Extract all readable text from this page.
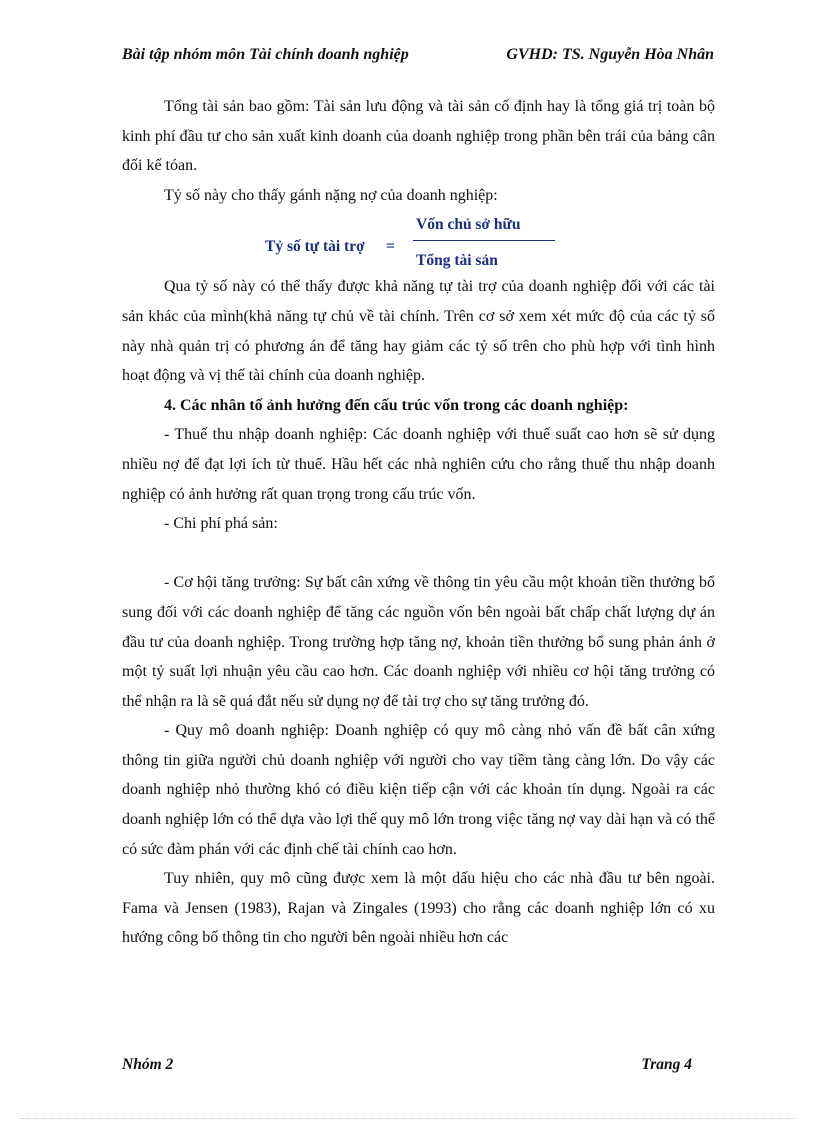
Bài tập nhóm môn Tài chính doanh nghiệp	GVHD: TS. Nguyễn Hòa Nhân

Tổng tài sản bao gồm: Tài sản lưu động và tài sản cố định hay là tổng giá trị toàn bộ kinh phí đầu tư cho sản xuất kinh doanh của doanh nghiệp trong phần bên trái của bảng cân đối kế tóan.

Tỷ số này cho thấy gánh nặng nợ của doanh nghiệp:

Tỷ số tự tài trợ =
Vốn chủ sở hữu
Tổng tài sản

Qua tỷ số này có thể thấy được khả năng tự tài trợ của doanh nghiệp đối với các tài sản khác của mình(khả năng tự chủ về tài chính. Trên cơ sở xem xét mức độ của các tỷ số này nhà quản trị có phương án để tăng hay giảm các tỷ số trên cho phù hợp với tình hình hoạt động và vị thế tài chính của doanh nghiệp.

4. Các nhân tố ảnh hưởng đến cấu trúc vốn trong các doanh nghiệp:

- Thuế thu nhập doanh nghiệp: Các doanh nghiệp với thuế suất cao hơn sẽ sử dụng nhiều nợ để đạt lợi ích từ thuế. Hầu hết các nhà nghiên cứu cho rằng thuế thu nhập doanh nghiệp có ảnh hưởng rất quan trọng trong cấu trúc vốn.

- Chi phí phá sản:

- Cơ hội tăng trưởng: Sự bất cân xứng về thông tin yêu cầu một khoản tiền thưởng bổ sung đối với các doanh nghiệp để tăng các nguồn vốn bên ngoài bất chấp chất lượng dự án đầu tư của doanh nghiệp. Trong trường hợp tăng nợ, khoản tiền thưởng bổ sung phản ánh ở một tỷ suất lợi nhuận yêu cầu cao hơn. Các doanh nghiệp với nhiều cơ hội tăng trưởng có thể nhận ra là sẽ quá đắt nếu sử dụng nợ để tài trợ cho sự tăng trưởng đó.

- Quy mô doanh nghiệp: Doanh nghiệp có quy mô càng nhỏ vấn đề bất cân xứng thông tin giữa người chủ doanh nghiệp với người cho vay tiềm tàng càng lớn. Do vậy các doanh nghiệp nhỏ thường khó có điều kiện tiếp cận với các khoản tín dụng. Ngoài ra các doanh nghiệp lớn có thể dựa vào lợi thế quy mô lớn trong việc tăng nợ vay dài hạn và có thể có sức đàm phán với các định chế tài chính cao hơn.

Tuy nhiên, quy mô cũng được xem là một dấu hiệu cho các nhà đầu tư bên ngoài. Fama và Jensen (1983), Rajan và Zingales (1993) cho rằng các doanh nghiệp lớn có xu hướng công bố thông tin cho người bên ngoài nhiều hơn các

Nhóm 2	Trang 4
